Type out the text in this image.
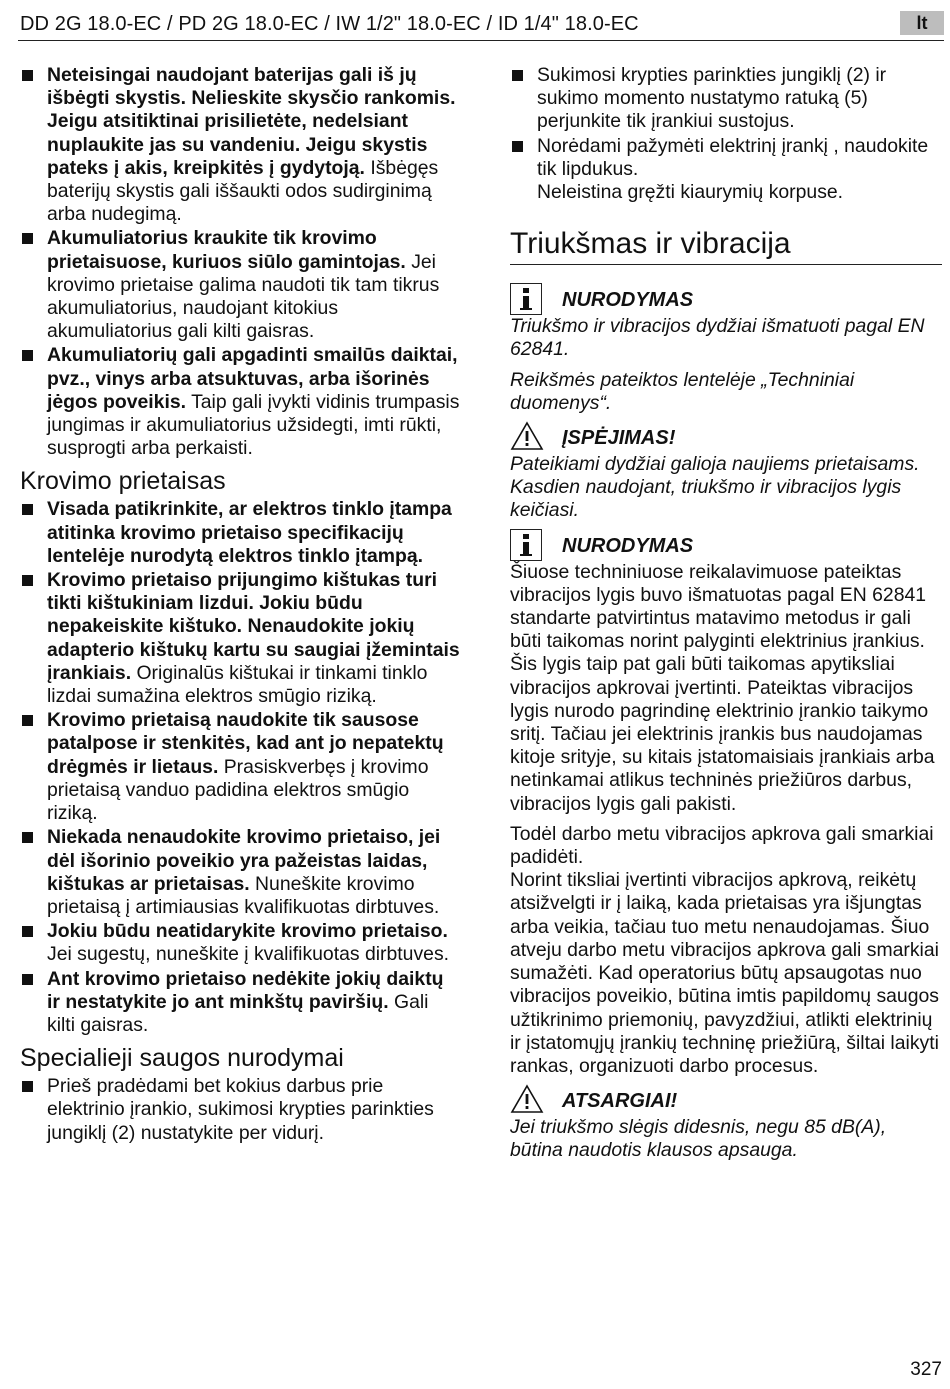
DD 2G 18.0-EC / PD 2G 18.0-EC / IW 1/2" 18.0-EC / ID 1/4" 18.0-EC	lt
Neteisingai naudojant baterijas gali iš jų išbėgti skystis. Nelieskite skysčio rankomis. Jeigu atsitiktinai prisilietėte, nedelsiant nuplaukite jas su vandeniu. Jeigu skystis pateks į akis, kreipkitės į gydytoją. Išbėgęs baterijų skystis gali iššaukti odos sudirginimą arba nudegimą.
Akumuliatorius kraukite tik krovimo prietaisuose, kuriuos siūlo gamintojas. Jei krovimo prietaise galima naudoti tik tam tikrus akumuliatorius, naudojant kitokius akumuliatorius gali kilti gaisras.
Akumuliatorių gali apgadinti smailūs daiktai, pvz., vinys arba atsuktuvas, arba išorinės jėgos poveikis. Taip gali įvykti vidinis trumpasis jungimas ir akumuliatorius užsidegti, imti rūkti, susprogti arba perkaisti.
Krovimo prietaisas
Visada patikrinkite, ar elektros tinklo įtampa atitinka krovimo prietaiso specifikacijų lentelėje nurodytą elektros tinklo įtampą.
Krovimo prietaiso prijungimo kištukas turi tikti kištukiniam lizdui. Jokiu būdu nepakeiskite kištuko. Nenaudokite jokių adapterio kištukų kartu su saugiai įžemintais įrankiais. Originalūs kištukai ir tinkami tinklo lizdai sumažina elektros smūgio riziką.
Krovimo prietaisą naudokite tik sausose patalpose ir stenkitės, kad ant jo nepatektų drėgmės ir lietaus. Prasiskverbęs į krovimo prietaisą vanduo padidina elektros smūgio riziką.
Niekada nenaudokite krovimo prietaiso, jei dėl išorinio poveikio yra pažeistas laidas, kištukas ar prietaisas. Nuneškite krovimo prietaisą į artimiausias kvalifikuotas dirbtuves.
Jokiu būdu neatidarykite krovimo prietaiso. Jei sugestų, nuneškite į kvalifikuotas dirbtuves.
Ant krovimo prietaiso nedėkite jokių daiktų ir nestatykite jo ant minkštų paviršių. Gali kilti gaisras.
Specialieji saugos nurodymai
Prieš pradėdami bet kokius darbus prie elektrinio įrankio, sukimosi krypties parinkties jungiklį (2) nustatykite per vidurį.
Sukimosi krypties parinkties jungiklį (2) ir sukimo momento nustatymo ratuką (5) perjunkite tik įrankiui sustojus.
Norėdami pažymėti elektrinį įrankį , naudokite tik lipdukus.
Neleistina gręžti kiaurymių korpuse.
Triukšmas ir vibracija
NURODYMAS

Triukšmo ir vibracijos dydžiai išmatuoti pagal EN 62841.

Reikšmės pateiktos lentelėje „Techniniai duomenys“.

ĮSPĖJIMAS!

Pateikiami dydžiai galioja naujiems prietaisams. Kasdien naudojant, triukšmo ir vibracijos lygis keičiasi.

NURODYMAS

Šiuose techniniuose reikalavimuose pateiktas vibracijos lygis buvo išmatuotas pagal EN 62841 standarte patvirtintus matavimo metodus ir gali būti taikomas norint palyginti elektrinius įrankius. Šis lygis taip pat gali būti taikomas apytiksliai vibracijos apkrovai įvertinti. Pateiktas vibracijos lygis nurodo pagrindinę elektrinio įrankio taikymo sritį. Tačiau jei elektrinis įrankis bus naudojamas kitoje srityje, su kitais įstatomaisiais įrankiais arba netinkamai atlikus techninės priežiūros darbus, vibracijos lygis gali pakisti.

Todėl darbo metu vibracijos apkrova gali smarkiai padidėti.

Norint tiksliai įvertinti vibracijos apkrovą, reikėtų atsižvelgti ir į laiką, kada prietaisas yra išjungtas arba veikia, tačiau tuo metu nenaudojamas. Šiuo atveju darbo metu vibracijos apkrova gali smarkiai sumažėti. Kad operatorius būtų apsaugotas nuo vibracijos poveikio, būtina imtis papildomų saugos užtikrinimo priemonių, pavyzdžiui, atlikti elektrinių ir įstatomųjų įrankių techninę priežiūrą, šiltai laikyti rankas, organizuoti darbo procesus.

ATSARGIAI!

Jei triukšmo slėgis didesnis, negu 85 dB(A), būtina naudotis klausos apsauga.

327
